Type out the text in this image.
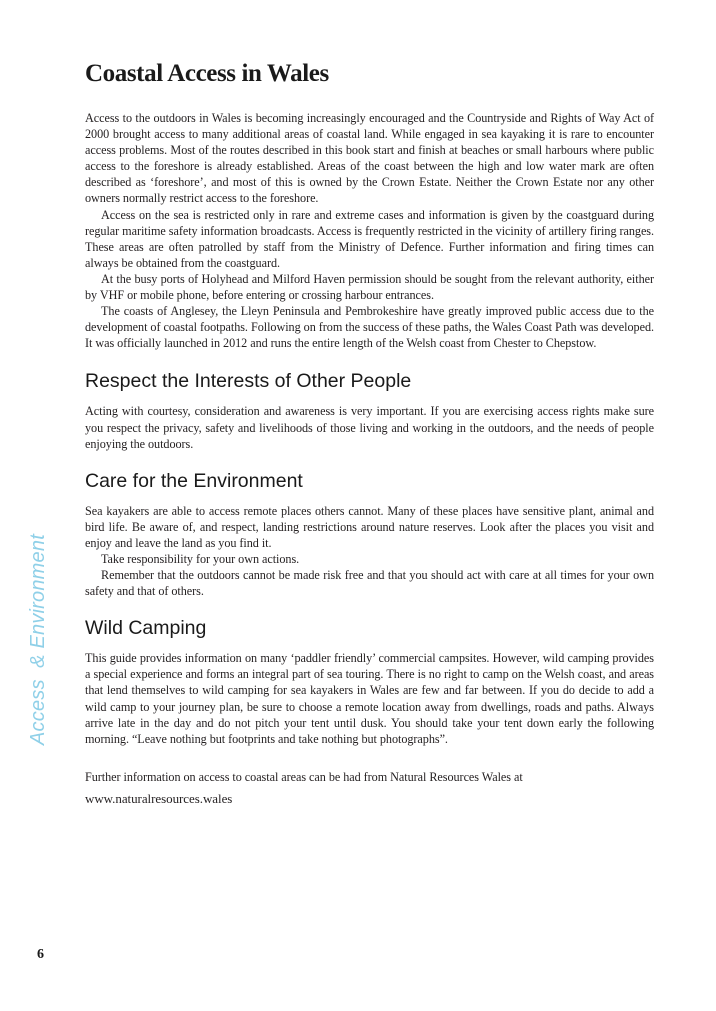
Access  & Environment
Coastal Access in Wales

Access to the outdoors in Wales is becoming increasingly encouraged and the Countryside and Rights of Way Act of 2000 brought access to many additional areas of coastal land. While engaged in sea kayaking it is rare to encounter access problems. Most of the routes described in this book start and finish at beaches or small harbours where public access to the foreshore is already established. Areas of the coast between the high and low water mark are often described as ‘foreshore’, and most of this is owned by the Crown Estate. Neither the Crown Estate nor any other owners normally restrict access to the foreshore.

Access on the sea is restricted only in rare and extreme cases and information is given by the coastguard during regular maritime safety information broadcasts. Access is frequently restricted in the vicinity of artillery firing ranges. These areas are often patrolled by staff from the Ministry of Defence. Further information and firing times can always be obtained from the coastguard.

At the busy ports of Holyhead and Milford Haven permission should be sought from the relevant authority, either by VHF or mobile phone, before entering or crossing harbour entrances.

The coasts of Anglesey, the Lleyn Peninsula and Pembrokeshire have greatly improved public access due to the development of coastal footpaths. Following on from the success of these paths, the Wales Coast Path was developed. It was officially launched in 2012 and runs the entire length of the Welsh coast from Chester to Chepstow.

Respect the Interests of Other People

Acting with courtesy, consideration and awareness is very important. If you are exercising access rights make sure you respect the privacy, safety and livelihoods of those living and working in the outdoors, and the needs of people enjoying the outdoors.

Care for the Environment

Sea kayakers are able to access remote places others cannot. Many of these places have sensitive plant, animal and bird life. Be aware of, and respect, landing restrictions around nature reserves. Look after the places you visit and enjoy and leave the land as you find it.

Take responsibility for your own actions.

Remember that the outdoors cannot be made risk free and that you should act with care at all times for your own safety and that of others.

Wild Camping

This guide provides information on many ‘paddler friendly’ commercial campsites. However, wild camping provides a special experience and forms an integral part of sea touring. There is no right to camp on the Welsh coast, and areas that lend themselves to wild camping for sea kayakers in Wales are few and far between. If you do decide to add a wild camp to your journey plan, be sure to choose a remote location away from dwellings, roads and paths. Always arrive late in the day and do not pitch your tent until dusk. You should take your tent down early the following morning. “Leave nothing but footprints and take nothing but photographs”.

Further information on access to coastal areas can be had from Natural Resources Wales at

www.naturalresources.wales

6
